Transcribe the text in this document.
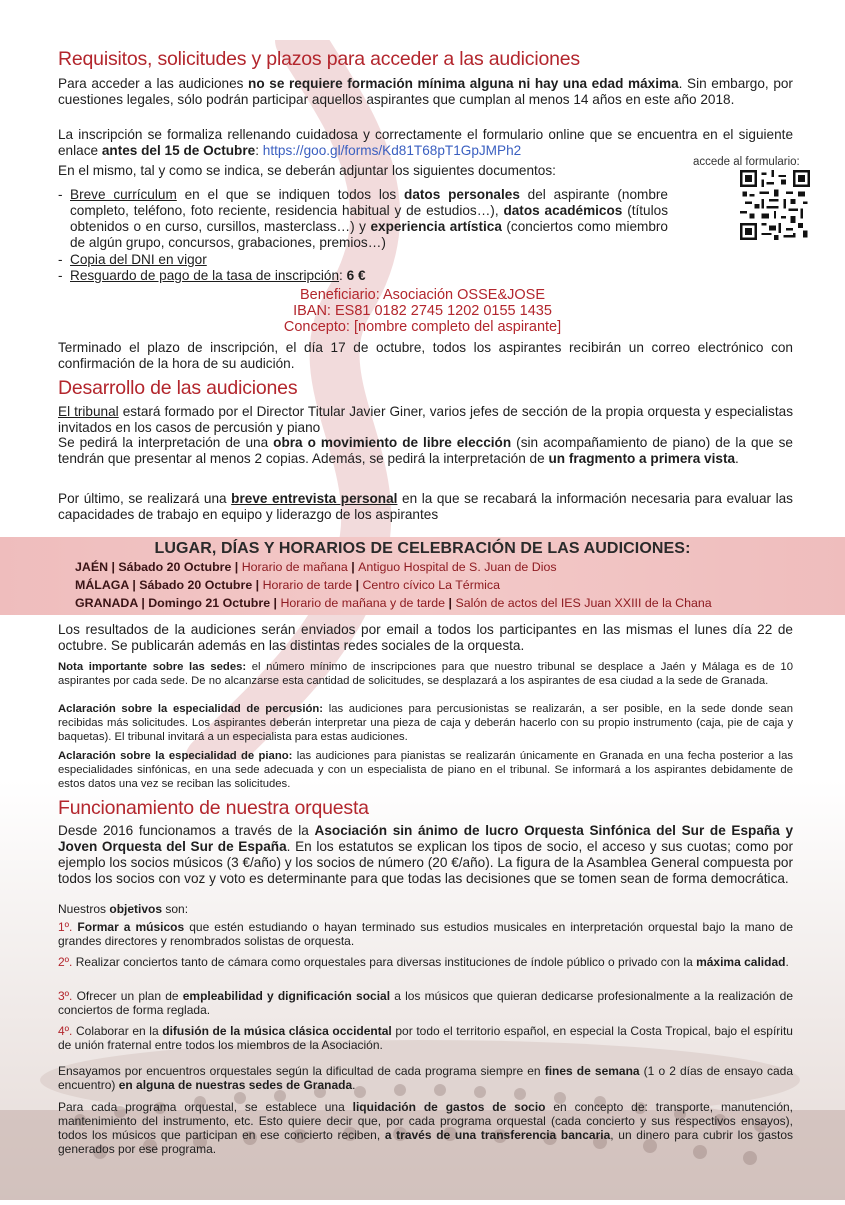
Requisitos, solicitudes y plazos para acceder a las audiciones

Para acceder a las audiciones no se requiere formación mínima alguna ni hay una edad máxima. Sin embargo, por cuestiones legales, sólo podrán participar aquellos aspirantes que cumplan al menos 14 años en este año 2018.

La inscripción se formaliza rellenando cuidadosa y correctamente el formulario online que se encuentra en el siguiente enlace antes del 15 de Octubre: https://goo.gl/forms/Kd81T68pT1GpJMPh2

En el mismo, tal y como se indica, se deberán adjuntar los siguientes documentos:

accede al formulario:
- Breve currículum en el que se indiquen todos los datos personales del aspirante (nombre completo, teléfono, foto reciente, residencia habitual y de estudios…), datos académicos (títulos obtenidos o en curso, cursillos, masterclass…) y experiencia artística (conciertos como miembro de algún grupo, concursos, grabaciones, premios…)
- Copia del DNI en vigor
- Resguardo de pago de la tasa de inscripción: 6 €
Beneficiario: Asociación OSSE&JOSE
IBAN: ES81 0182 2745 1202 0155 1435
Concepto: [nombre completo del aspirante]

Terminado el plazo de inscripción, el día 17 de octubre, todos los aspirantes recibirán un correo electrónico con confirmación de la hora de su audición.

Desarrollo de las audiciones

El tribunal estará formado por el Director Titular Javier Giner, varios jefes de sección de la propia orquesta y especialistas invitados en los casos de percusión y piano

Se pedirá la interpretación de una obra o movimiento de libre elección (sin acompañamiento de piano) de la que se tendrán que presentar al menos 2 copias. Además, se pedirá la interpretación de un fragmento a primera vista.

Por último, se realizará una breve entrevista personal en la que se recabará la información necesaria para evaluar las capacidades de trabajo en equipo y liderazgo de los aspirantes

LUGAR, DÍAS Y HORARIOS DE CELEBRACIÓN DE LAS AUDICIONES:
JAÉN | Sábado 20 Octubre | Horario de mañana | Antiguo Hospital de S. Juan de Dios
MÁLAGA | Sábado 20 Octubre | Horario de tarde | Centro cívico La Térmica
GRANADA | Domingo 21 Octubre | Horario de mañana y de tarde | Salón de actos del IES Juan XXIII de la Chana

Los resultados de la audiciones serán enviados por email a todos los participantes en las mismas el lunes día 22 de octubre. Se publicarán además en las distintas redes sociales de la orquesta.

Nota importante sobre las sedes: el número mínimo de inscripciones para que nuestro tribunal se desplace a Jaén y Málaga es de 10 aspirantes por cada sede. De no alcanzarse esta cantidad de solicitudes, se desplazará a los aspirantes de esa ciudad a la sede de Granada.

Aclaración sobre la especialidad de percusión: las audiciones para percusionistas se realizarán, a ser posible, en la sede donde sean recibidas más solicitudes. Los aspirantes deberán interpretar una pieza de caja y deberán hacerlo con su propio instrumento (caja, pie de caja y baquetas). El tribunal invitará a un especialista para estas audiciones.

Aclaración sobre la especialidad de piano: las audiciones para pianistas se realizarán únicamente en Granada en una fecha posterior a las especialidades sinfónicas, en una sede adecuada y con un especialista de piano en el tribunal. Se informará a los aspirantes debidamente de estos datos una vez se reciban las solicitudes.

Funcionamiento de nuestra orquesta

Desde 2016 funcionamos a través de la Asociación sin ánimo de lucro Orquesta Sinfónica del Sur de España y Joven Orquesta del Sur de España. En los estatutos se explican los tipos de socio, el acceso y sus cuotas; como por ejemplo los socios músicos (3 €/año) y los socios de número (20 €/año). La figura de la Asamblea General compuesta por todos los socios con voz y voto es determinante para que todas las decisiones que se tomen sean de forma democrática.

Nuestros objetivos son:

1º. Formar a músicos que estén estudiando o hayan terminado sus estudios musicales en interpretación orquestal bajo la mano de grandes directores y renombrados solistas de orquesta.

2º. Realizar conciertos tanto de cámara como orquestales para diversas instituciones de índole público o privado con la máxima calidad.

3º. Ofrecer un plan de empleabilidad y dignificación social a los músicos que quieran dedicarse profesionalmente a la realización de conciertos de forma reglada.

4º. Colaborar en la difusión de la música clásica occidental por todo el territorio español, en especial la Costa Tropical, bajo el espíritu de unión fraternal entre todos los miembros de la Asociación.

Ensayamos por encuentros orquestales según la dificultad de cada programa siempre en fines de semana (1 o 2 días de ensayo cada encuentro) en alguna de nuestras sedes de Granada.

Para cada programa orquestal, se establece una liquidación de gastos de socio en concepto de: transporte, manutención, mantenimiento del instrumento, etc. Esto quiere decir que, por cada programa orquestal (cada concierto y sus respectivos ensayos), todos los músicos que participan en ese concierto reciben, a través de una transferencia bancaria, un dinero para cubrir los gastos generados por ese programa.
